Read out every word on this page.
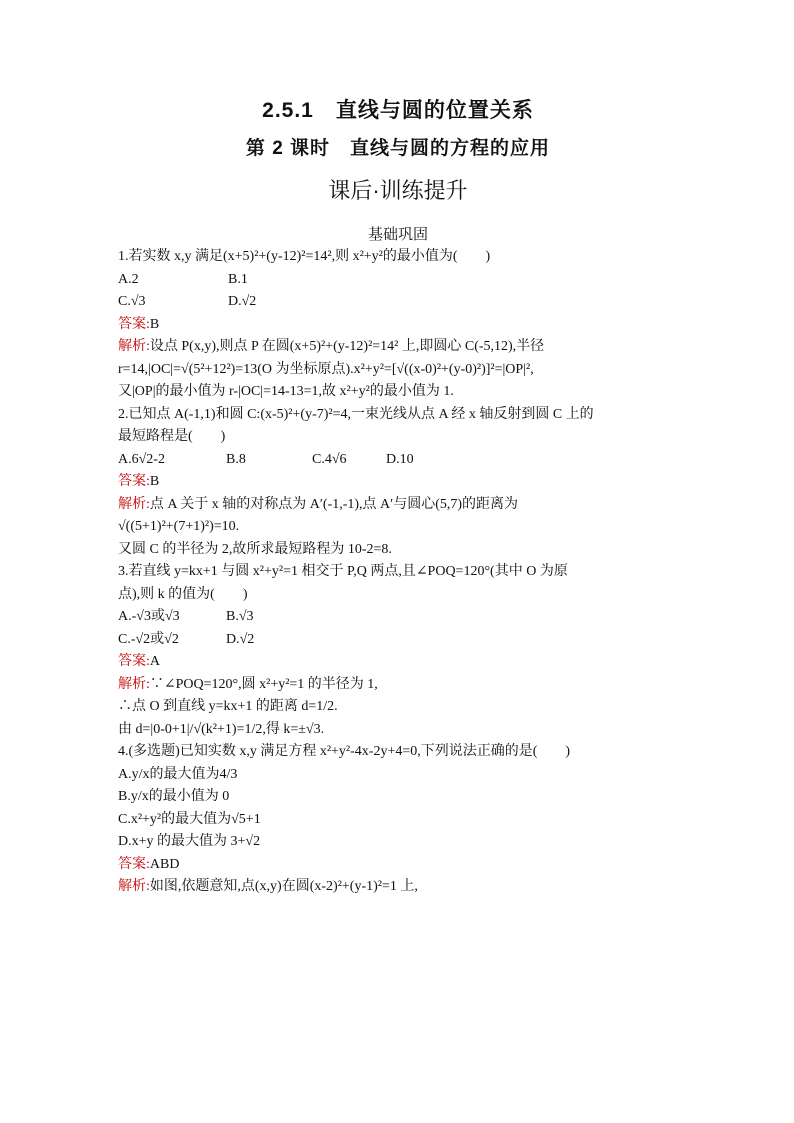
2.5.1　直线与圆的位置关系
第 2 课时　直线与圆的方程的应用
课后·训练提升
基础巩固
1.若实数 x,y 满足(x+5)²+(y-12)²=14²,则 x²+y²的最小值为(　　)
A.2	B.1
C.√3	D.√2
答案:B
解析:设点 P(x,y),则点 P 在圆(x+5)²+(y-12)²=14² 上,即圆心 C(-5,12),半径
r=14,|OC|=√(5²+12²)=13(O 为坐标原点).x²+y²=[√((x-0)²+(y-0)²)]²=|OP|²,
又|OP|的最小值为 r-|OC|=14-13=1,故 x²+y²的最小值为 1.
2.已知点 A(-1,1)和圆 C:(x-5)²+(y-7)²=4,一束光线从点 A 经 x 轴反射到圆 C 上的
最短路程是(　　)
A.6√2-2	B.8	C.4√6	D.10
答案:B
解析:点 A 关于 x 轴的对称点为 A′(-1,-1),点 A′与圆心(5,7)的距离为
√((5+1)²+(7+1)²)=10.
又圆 C 的半径为 2,故所求最短路程为 10-2=8.
3.若直线 y=kx+1 与圆 x²+y²=1 相交于 P,Q 两点,且∠POQ=120°(其中 O 为原
点),则 k 的值为(　　)
A.-√3或√3	B.√3
C.-√2或√2	D.√2
答案:A
解析:∵∠POQ=120°,圆 x²+y²=1 的半径为 1,
∴点 O 到直线 y=kx+1 的距离 d=1/2.
由 d=|0-0+1|/√(k²+1)=1/2,得 k=±√3.
4.(多选题)已知实数 x,y 满足方程 x²+y²-4x-2y+4=0,下列说法正确的是(　　)
A.y/x的最大值为4/3
B.y/x的最小值为 0
C.x²+y²的最大值为√5+1
D.x+y 的最大值为 3+√2
答案:ABD
解析:如图,依题意知,点(x,y)在圆(x-2)²+(y-1)²=1 上,
